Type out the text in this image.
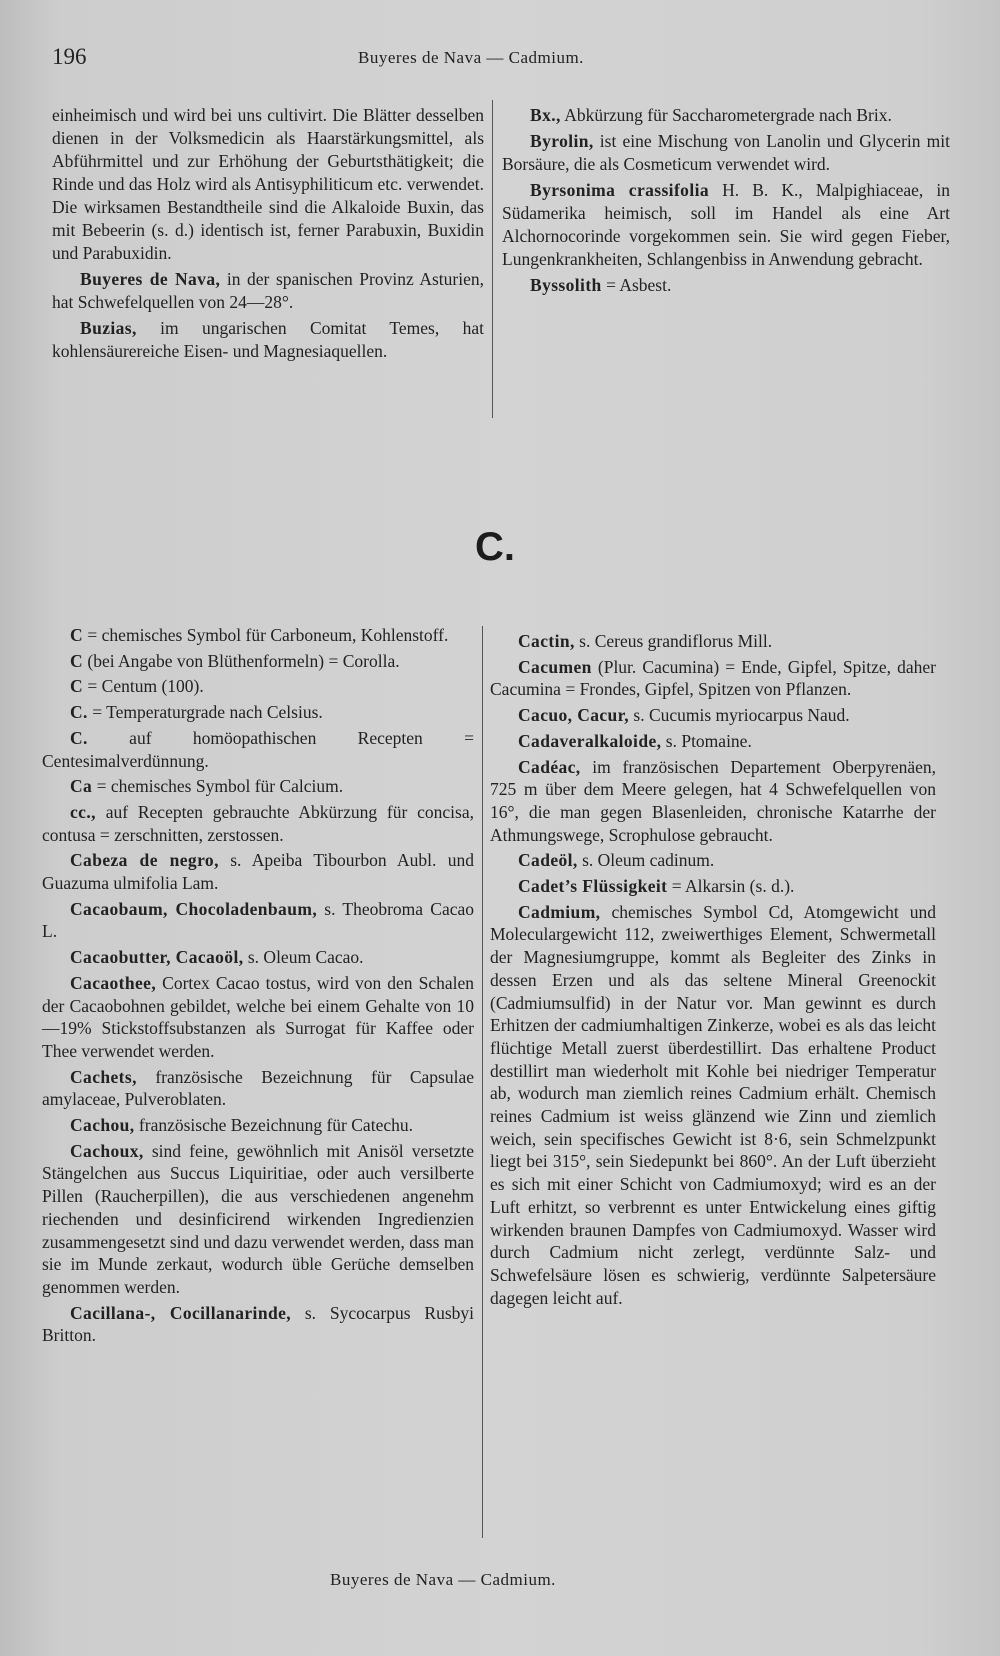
196	Buyeres de Nava — Cadmium.

einheimisch und wird bei uns cultivirt. Die Blätter desselben dienen in der Volksmedicin als Haarstärkungsmittel, als Abführmittel und zur Erhöhung der Geburtsthätigkeit; die Rinde und das Holz wird als Antisyphiliticum etc. verwendet. Die wirksamen Bestandtheile sind die Alkaloide Buxin, das mit Bebeerin (s. d.) identisch ist, ferner Parabuxin, Buxidin und Parabuxidin.

Buyeres de Nava, in der spanischen Provinz Asturien, hat Schwefelquellen von 24—28°.

Buzias, im ungarischen Comitat Temes, hat kohlensäurereiche Eisen- und Magnesiaquellen.

Bx., Abkürzung für Saccharometergrade nach Brix.

Byrolin, ist eine Mischung von Lanolin und Glycerin mit Borsäure, die als Cosmeticum verwendet wird.

Byrsonima crassifolia H. B. K., Malpighiaceae, in Südamerika heimisch, soll im Handel als eine Art Alchornocorinde vorgekommen sein. Sie wird gegen Fieber, Lungenkrankheiten, Schlangenbiss in Anwendung gebracht.

Byssolith = Asbest.

C.

C = chemisches Symbol für Carboneum, Kohlenstoff.

C (bei Angabe von Blüthenformeln) = Corolla.

C = Centum (100).

C. = Temperaturgrade nach Celsius.

C. auf homöopathischen Recepten = Centesimalverdünnung.

Ca = chemisches Symbol für Calcium.

cc., auf Recepten gebrauchte Abkürzung für concisa, contusa = zerschnitten, zerstossen.

Cabeza de negro, s. Apeiba Tibourbon Aubl. und Guazuma ulmifolia Lam.

Cacaobaum, Chocoladenbaum, s. Theobroma Cacao L.

Cacaobutter, Cacaoöl, s. Oleum Cacao.

Cacaothee, Cortex Cacao tostus, wird von den Schalen der Cacaobohnen gebildet, welche bei einem Gehalte von 10—19% Stickstoffsubstanzen als Surrogat für Kaffee oder Thee verwendet werden.

Cachets, französische Bezeichnung für Capsulae amylaceae, Pulveroblaten.

Cachou, französische Bezeichnung für Catechu.

Cachoux, sind feine, gewöhnlich mit Anisöl versetzte Stängelchen aus Succus Liquiritiae, oder auch versilberte Pillen (Raucherpillen), die aus verschiedenen angenehm riechenden und desinficirend wirkenden Ingredienzien zusammengesetzt sind und dazu verwendet werden, dass man sie im Munde zerkaut, wodurch üble Gerüche demselben genommen werden.

Cacillana-, Cocillanarinde, s. Sycocarpus Rusbyi Britton.

Cactin, s. Cereus grandiflorus Mill.

Cacumen (Plur. Cacumina) = Ende, Gipfel, Spitze, daher Cacumina = Frondes, Gipfel, Spitzen von Pflanzen.

Cacuo, Cacur, s. Cucumis myriocarpus Naud.

Cadaveralkaloide, s. Ptomaine.

Cadéac, im französischen Departement Oberpyrenäen, 725 m über dem Meere gelegen, hat 4 Schwefelquellen von 16°, die man gegen Blasenleiden, chronische Katarrhe der Athmungswege, Scrophulose gebraucht.

Cadeöl, s. Oleum cadinum.

Cadet’s Flüssigkeit = Alkarsin (s. d.).

Cadmium, chemisches Symbol Cd, Atomgewicht und Moleculargewicht 112, zweiwerthiges Element, Schwermetall der Magnesiumgruppe, kommt als Begleiter des Zinks in dessen Erzen und als das seltene Mineral Greenockit (Cadmiumsulfid) in der Natur vor. Man gewinnt es durch Erhitzen der cadmiumhaltigen Zinkerze, wobei es als das leicht flüchtige Metall zuerst überdestillirt. Das erhaltene Product destillirt man wiederholt mit Kohle bei niedriger Temperatur ab, wodurch man ziemlich reines Cadmium erhält. Chemisch reines Cadmium ist weiss glänzend wie Zinn und ziemlich weich, sein specifisches Gewicht ist 8·6, sein Schmelzpunkt liegt bei 315°, sein Siedepunkt bei 860°. An der Luft überzieht es sich mit einer Schicht von Cadmiumoxyd; wird es an der Luft erhitzt, so verbrennt es unter Entwickelung eines giftig wirkenden braunen Dampfes von Cadmiumoxyd. Wasser wird durch Cadmium nicht zerlegt, verdünnte Salz- und Schwefelsäure lösen es schwierig, verdünnte Salpetersäure dagegen leicht auf.

Buyeres de Nava — Cadmium.
